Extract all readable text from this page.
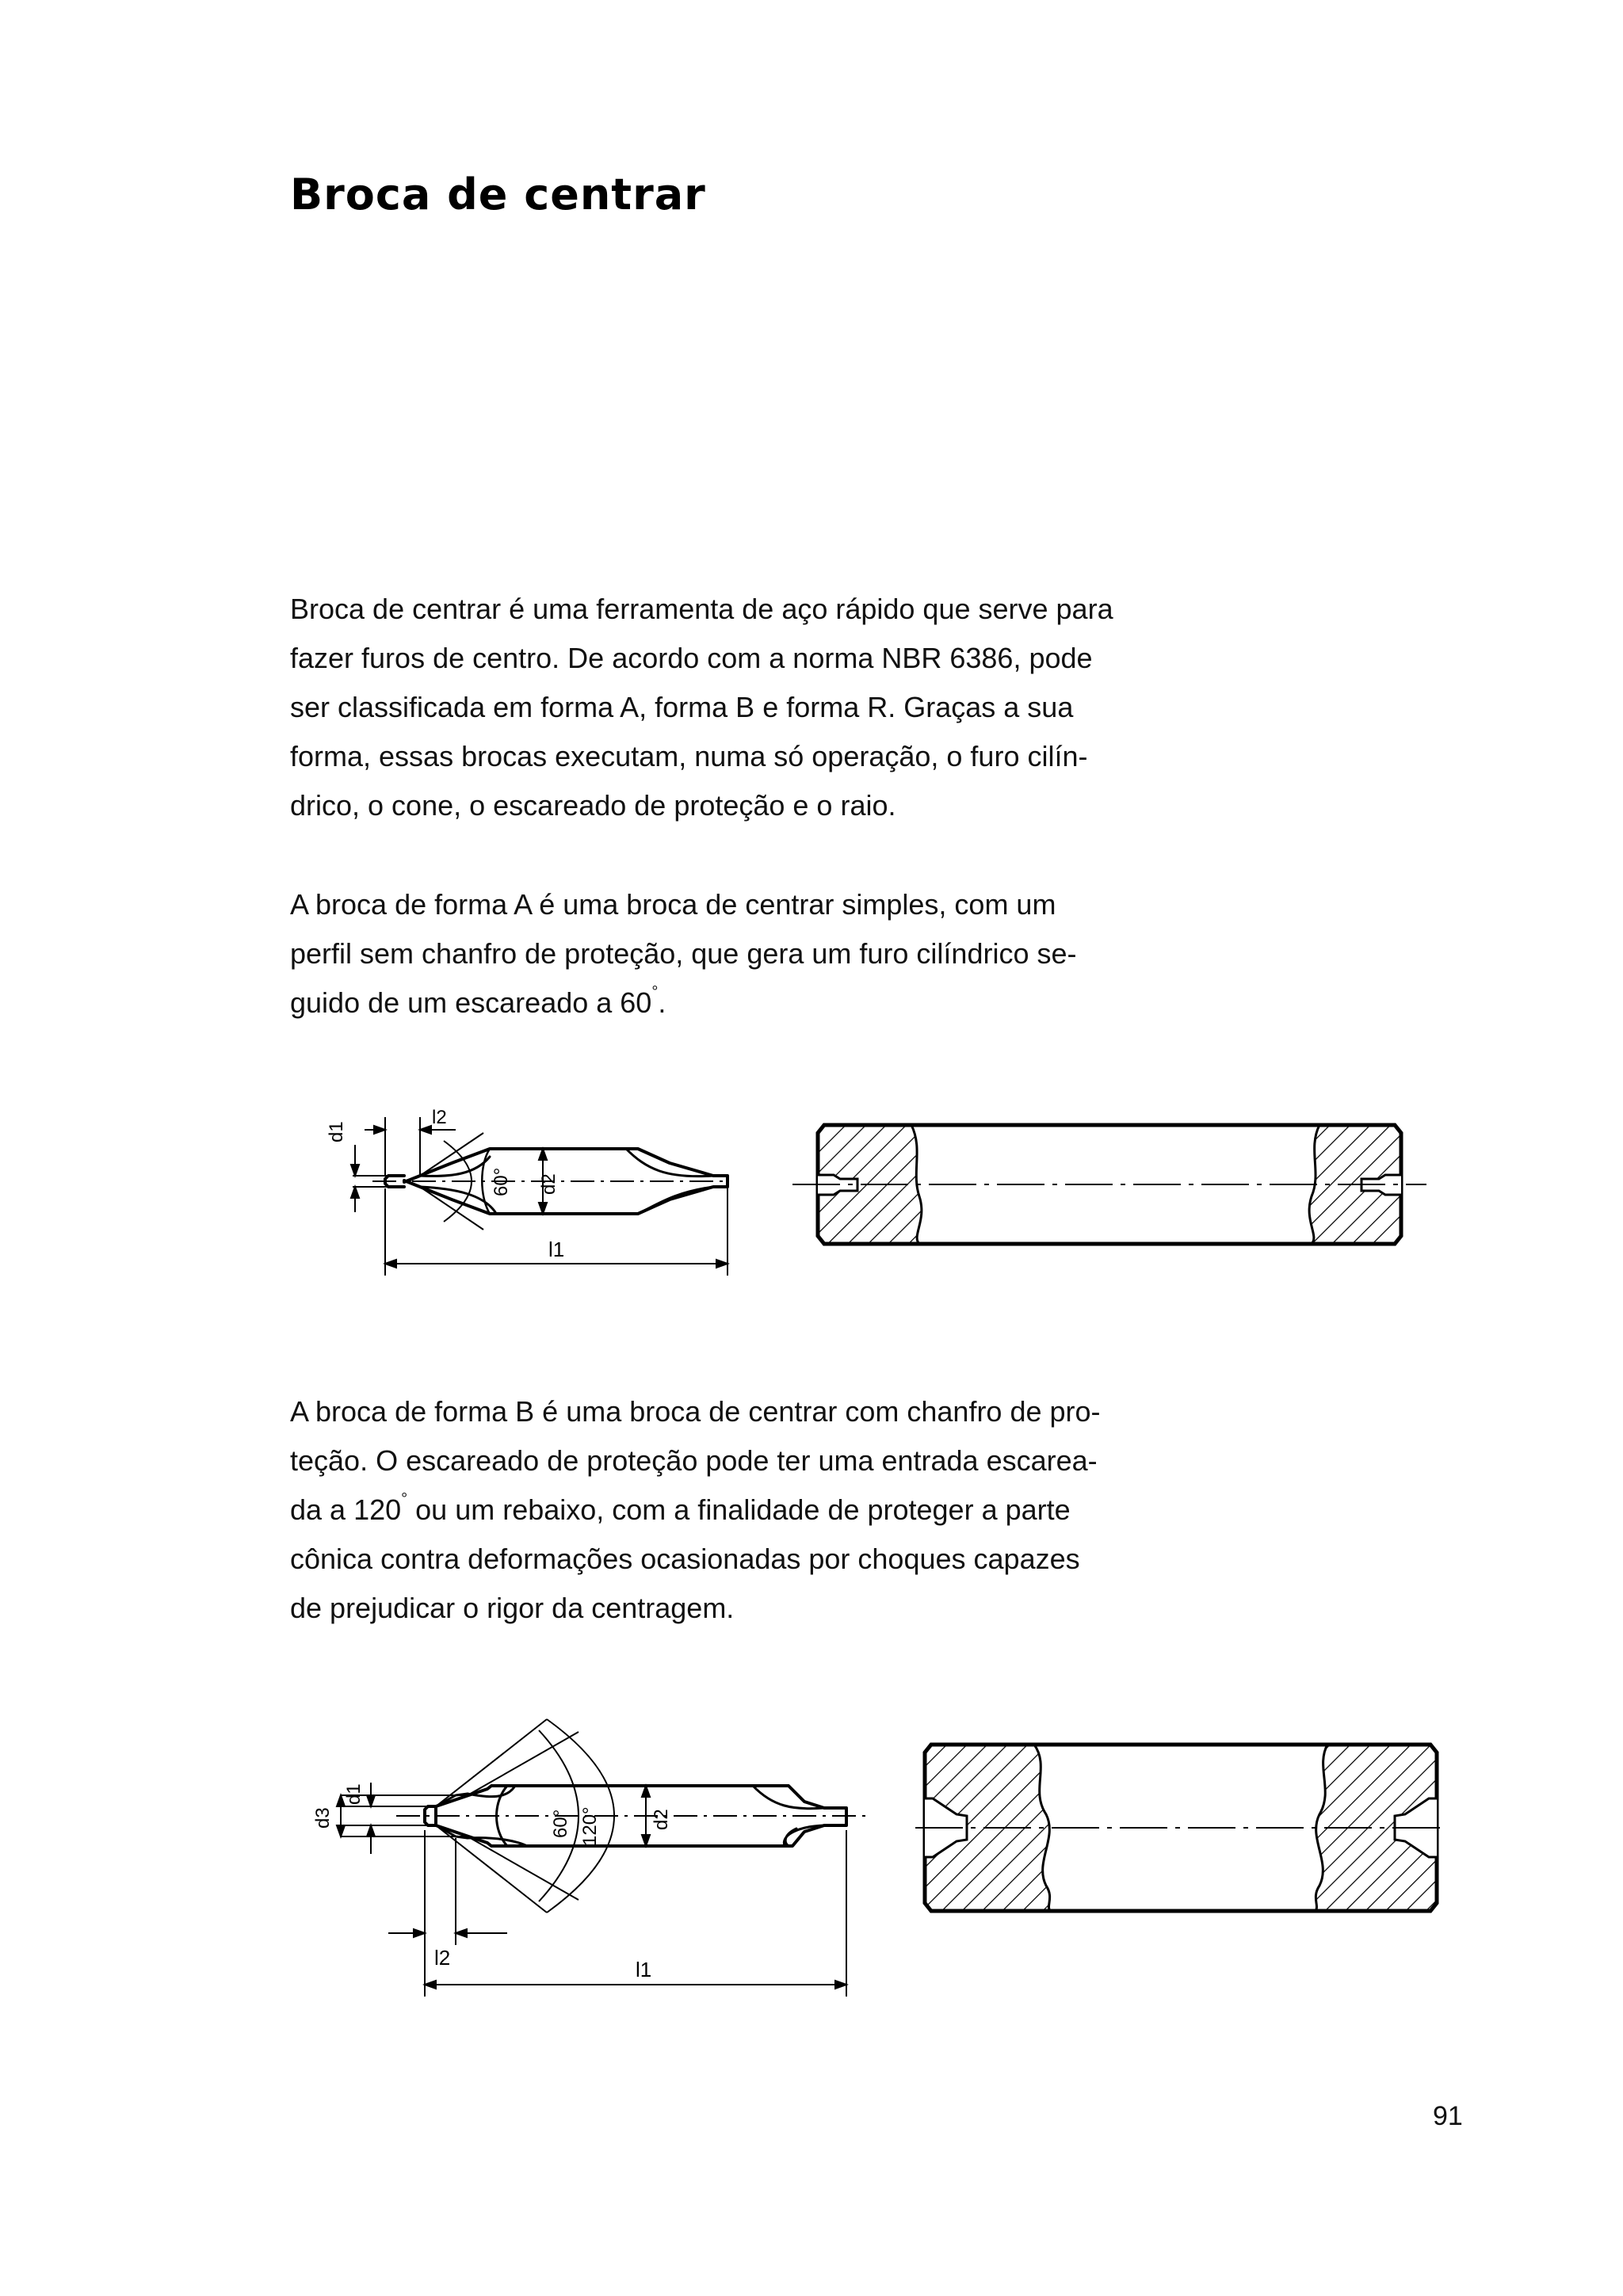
Broca de centrar
Broca de centrar é uma ferramenta de aço rápido que serve para
fazer furos de centro. De acordo com a norma NBR 6386, pode
ser classificada em forma A, forma B e forma R. Graças a sua
forma, essas brocas executam, numa só operação, o furo cilín-
drico, o cone, o escareado de proteção e o raio.
A broca de forma A é uma broca de centrar simples, com um
perfil sem chanfro de proteção, que gera um furo cilíndrico se-
guido de um escareado a 60°.
d1
l2
60° d2
l1
A broca de forma B é uma broca de centrar com chanfro de pro-
teção. O escareado de proteção pode ter uma entrada escarea-
da a 120° ou um rebaixo, com a finalidade de proteger a parte
cônica contra deformações ocasionadas por choques capazes
de prejudicar o rigor da centragem.
d3
d1
60° 120°	d2
l2	l1
91
